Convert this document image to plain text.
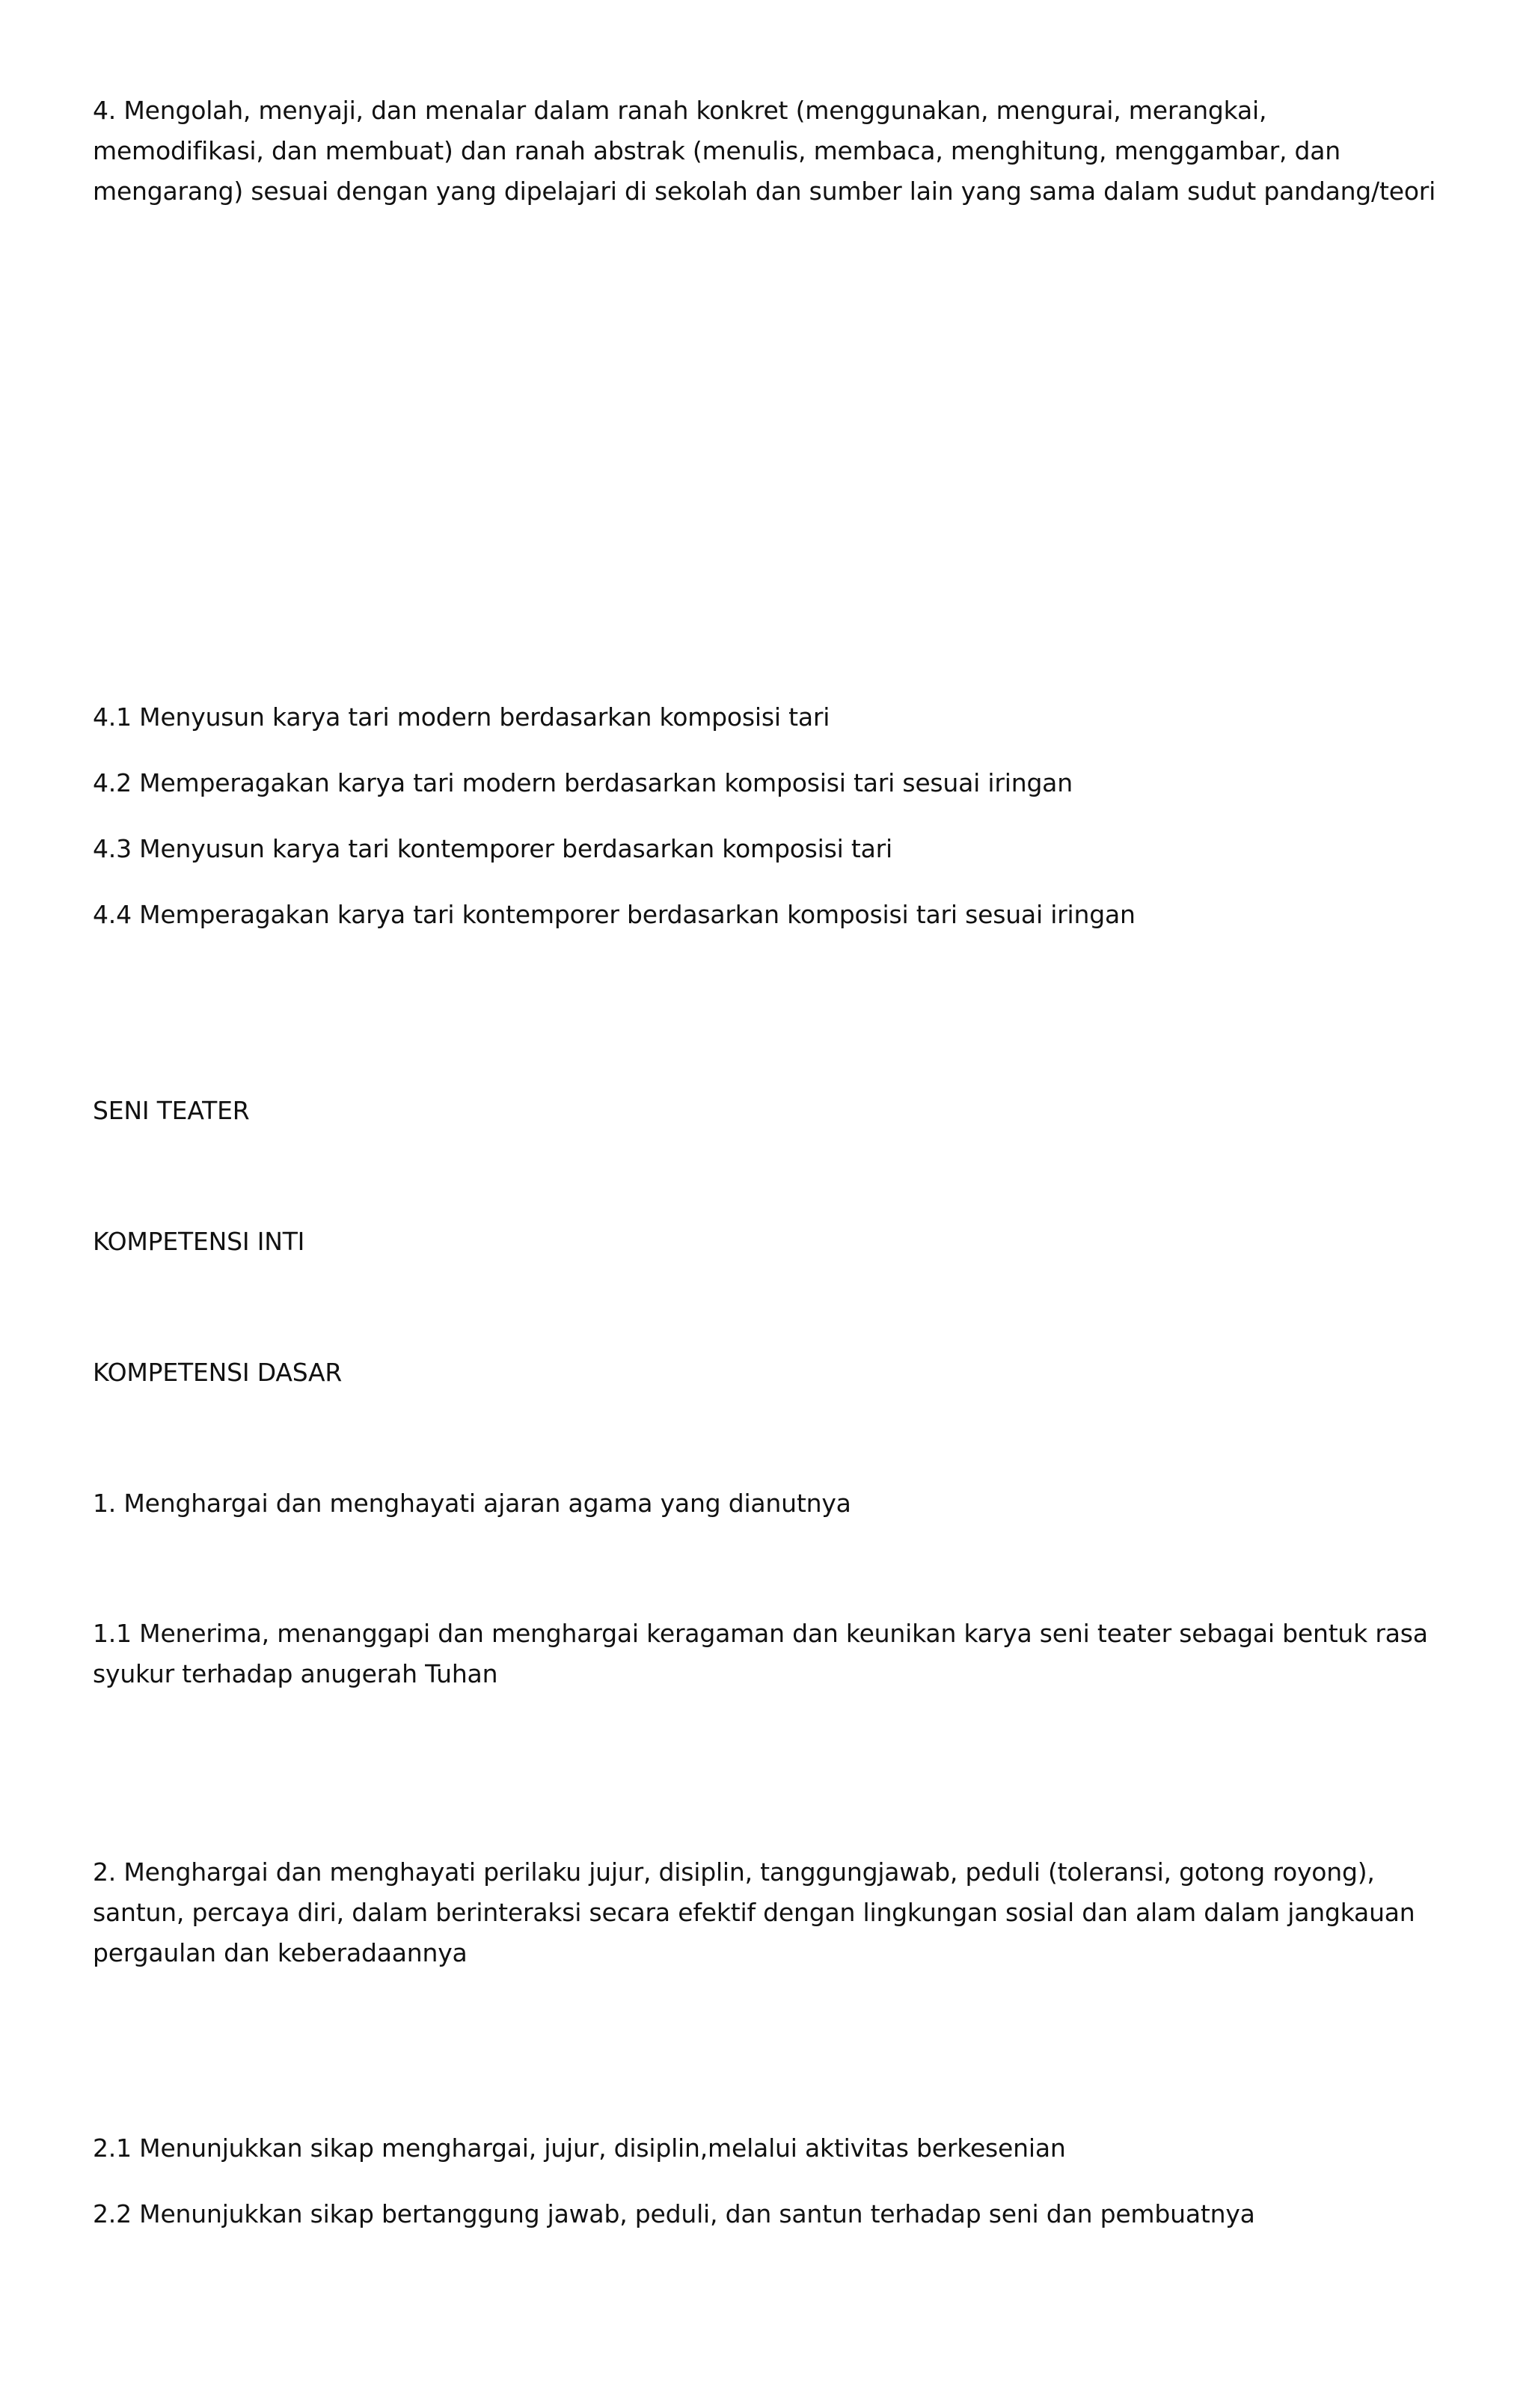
4. Mengolah, menyaji, dan menalar dalam ranah konkret (menggunakan, mengurai, merangkai, memodifikasi, dan membuat) dan ranah abstrak (menulis, membaca, menghitung, menggambar, dan mengarang) sesuai dengan yang dipelajari di sekolah dan sumber lain yang sama dalam sudut pandang/teori

4.1 Menyusun karya tari modern berdasarkan komposisi tari

4.2 Memperagakan karya tari modern berdasarkan komposisi tari sesuai iringan

4.3 Menyusun karya tari kontemporer berdasarkan komposisi tari

4.4 Memperagakan karya tari kontemporer berdasarkan komposisi tari sesuai iringan

SENI TEATER

KOMPETENSI INTI

KOMPETENSI DASAR

1. Menghargai dan menghayati ajaran agama yang dianutnya

1.1 Menerima, menanggapi dan menghargai keragaman dan keunikan karya seni teater sebagai bentuk rasa syukur terhadap anugerah Tuhan

2. Menghargai dan menghayati perilaku jujur, disiplin, tanggungjawab, peduli (toleransi, gotong royong), santun, percaya diri, dalam berinteraksi secara efektif dengan lingkungan sosial dan alam dalam jangkauan pergaulan dan keberadaannya

2.1 Menunjukkan sikap menghargai, jujur, disiplin,melalui aktivitas berkesenian

2.2 Menunjukkan sikap bertanggung jawab, peduli, dan santun terhadap seni dan pembuatnya
